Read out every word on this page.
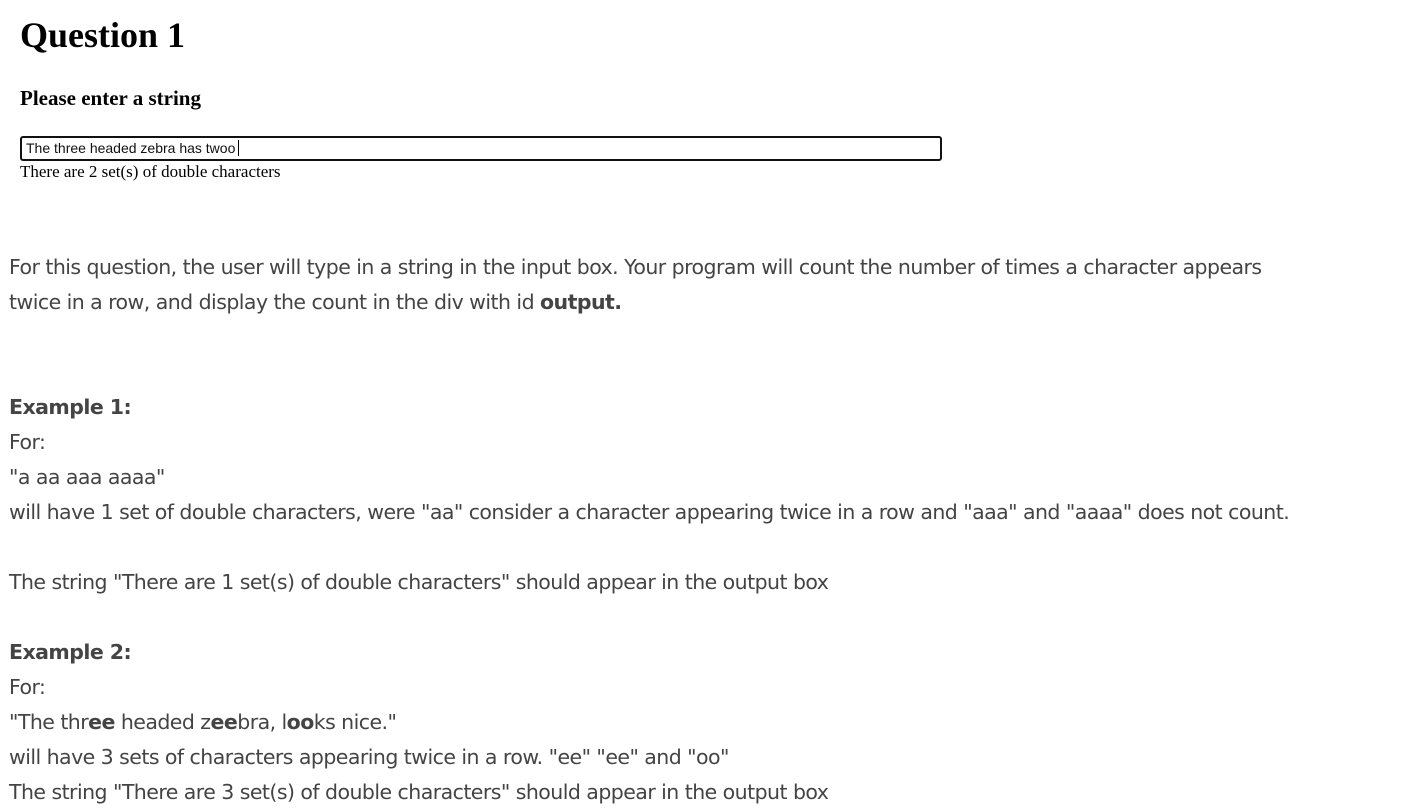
Question 1
Please enter a string
The three headed zebra has twoo
There are 2 set(s) of double characters

For this question, the user will type in a string in the input box. Your program will count the number of times a character appears

twice in a row, and display the count in the div with id output.

Example 1:

For:

"a aa aaa aaaa"

will have 1 set of double characters, were "aa" consider a character appearing twice in a row and "aaa" and "aaaa" does not count.

The string "There are 1 set(s) of double characters" should appear in the output box

Example 2:

For:

"The three headed zeebra, looks nice."

will have 3 sets of characters appearing twice in a row. "ee" "ee" and "oo"

The string "There are 3 set(s) of double characters" should appear in the output box
